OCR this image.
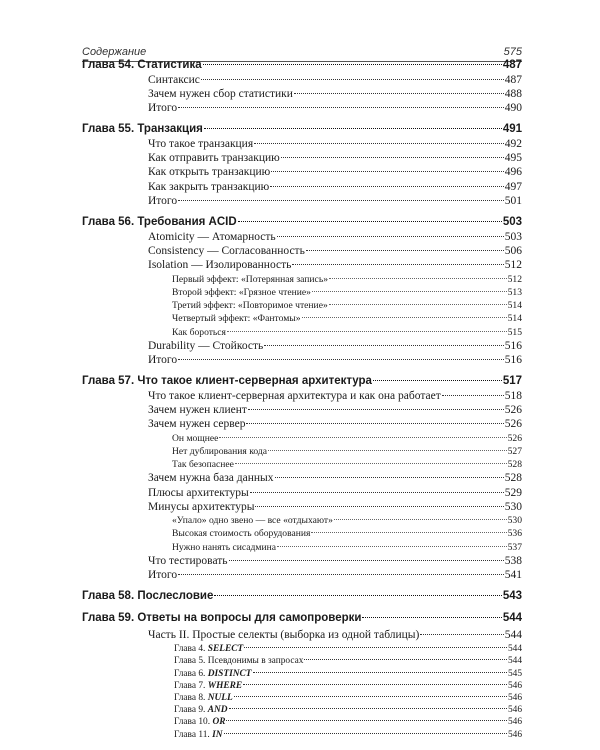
Содержание	575
Глава 54. Статистика	487
Синтаксис	487
Зачем нужен сбор статистики	488
Итого	490
Глава 55. Транзакция	491
Что такое транзакция	492
Как отправить транзакцию	495
Как открыть транзакцию	496
Как закрыть транзакцию	497
Итого	501
Глава 56. Требования ACID	503
Atomicity — Атомарность	503
Consistency — Согласованность	506
Isolation — Изолированность	512
Первый эффект: «Потерянная запись»	512
Второй эффект: «Грязное чтение»	513
Третий эффект: «Повторимое чтение»	514
Четвертый эффект: «Фантомы»	514
Как бороться	515
Durability — Стойкость	516
Итого	516
Глава 57. Что такое клиент-серверная архитектура	517
Что такое клиент-серверная архитектура и как она работает	518
Зачем нужен клиент	526
Зачем нужен сервер	526
Он мощнее	526
Нет дублирования кода	527
Так безопаснее	528
Зачем нужна база данных	528
Плюсы архитектуры	529
Минусы архитектуры	530
«Упало» одно звено — все «отдыхают»	530
Высокая стоимость оборудования	536
Нужно нанять сисадмина	537
Что тестировать	538
Итого	541
Глава 58. Послесловие	543
Глава 59. Ответы на вопросы для самопроверки	544
Часть II. Простые селекты (выборка из одной таблицы)	544
Глава 4. SELECT	544
Глава 5. Псевдонимы в запросах	544
Глава 6. DISTINCT	545
Глава 7. WHERE	546
Глава 8. NULL	546
Глава 9. AND	546
Глава 10. OR	546
Глава 11. IN	546
